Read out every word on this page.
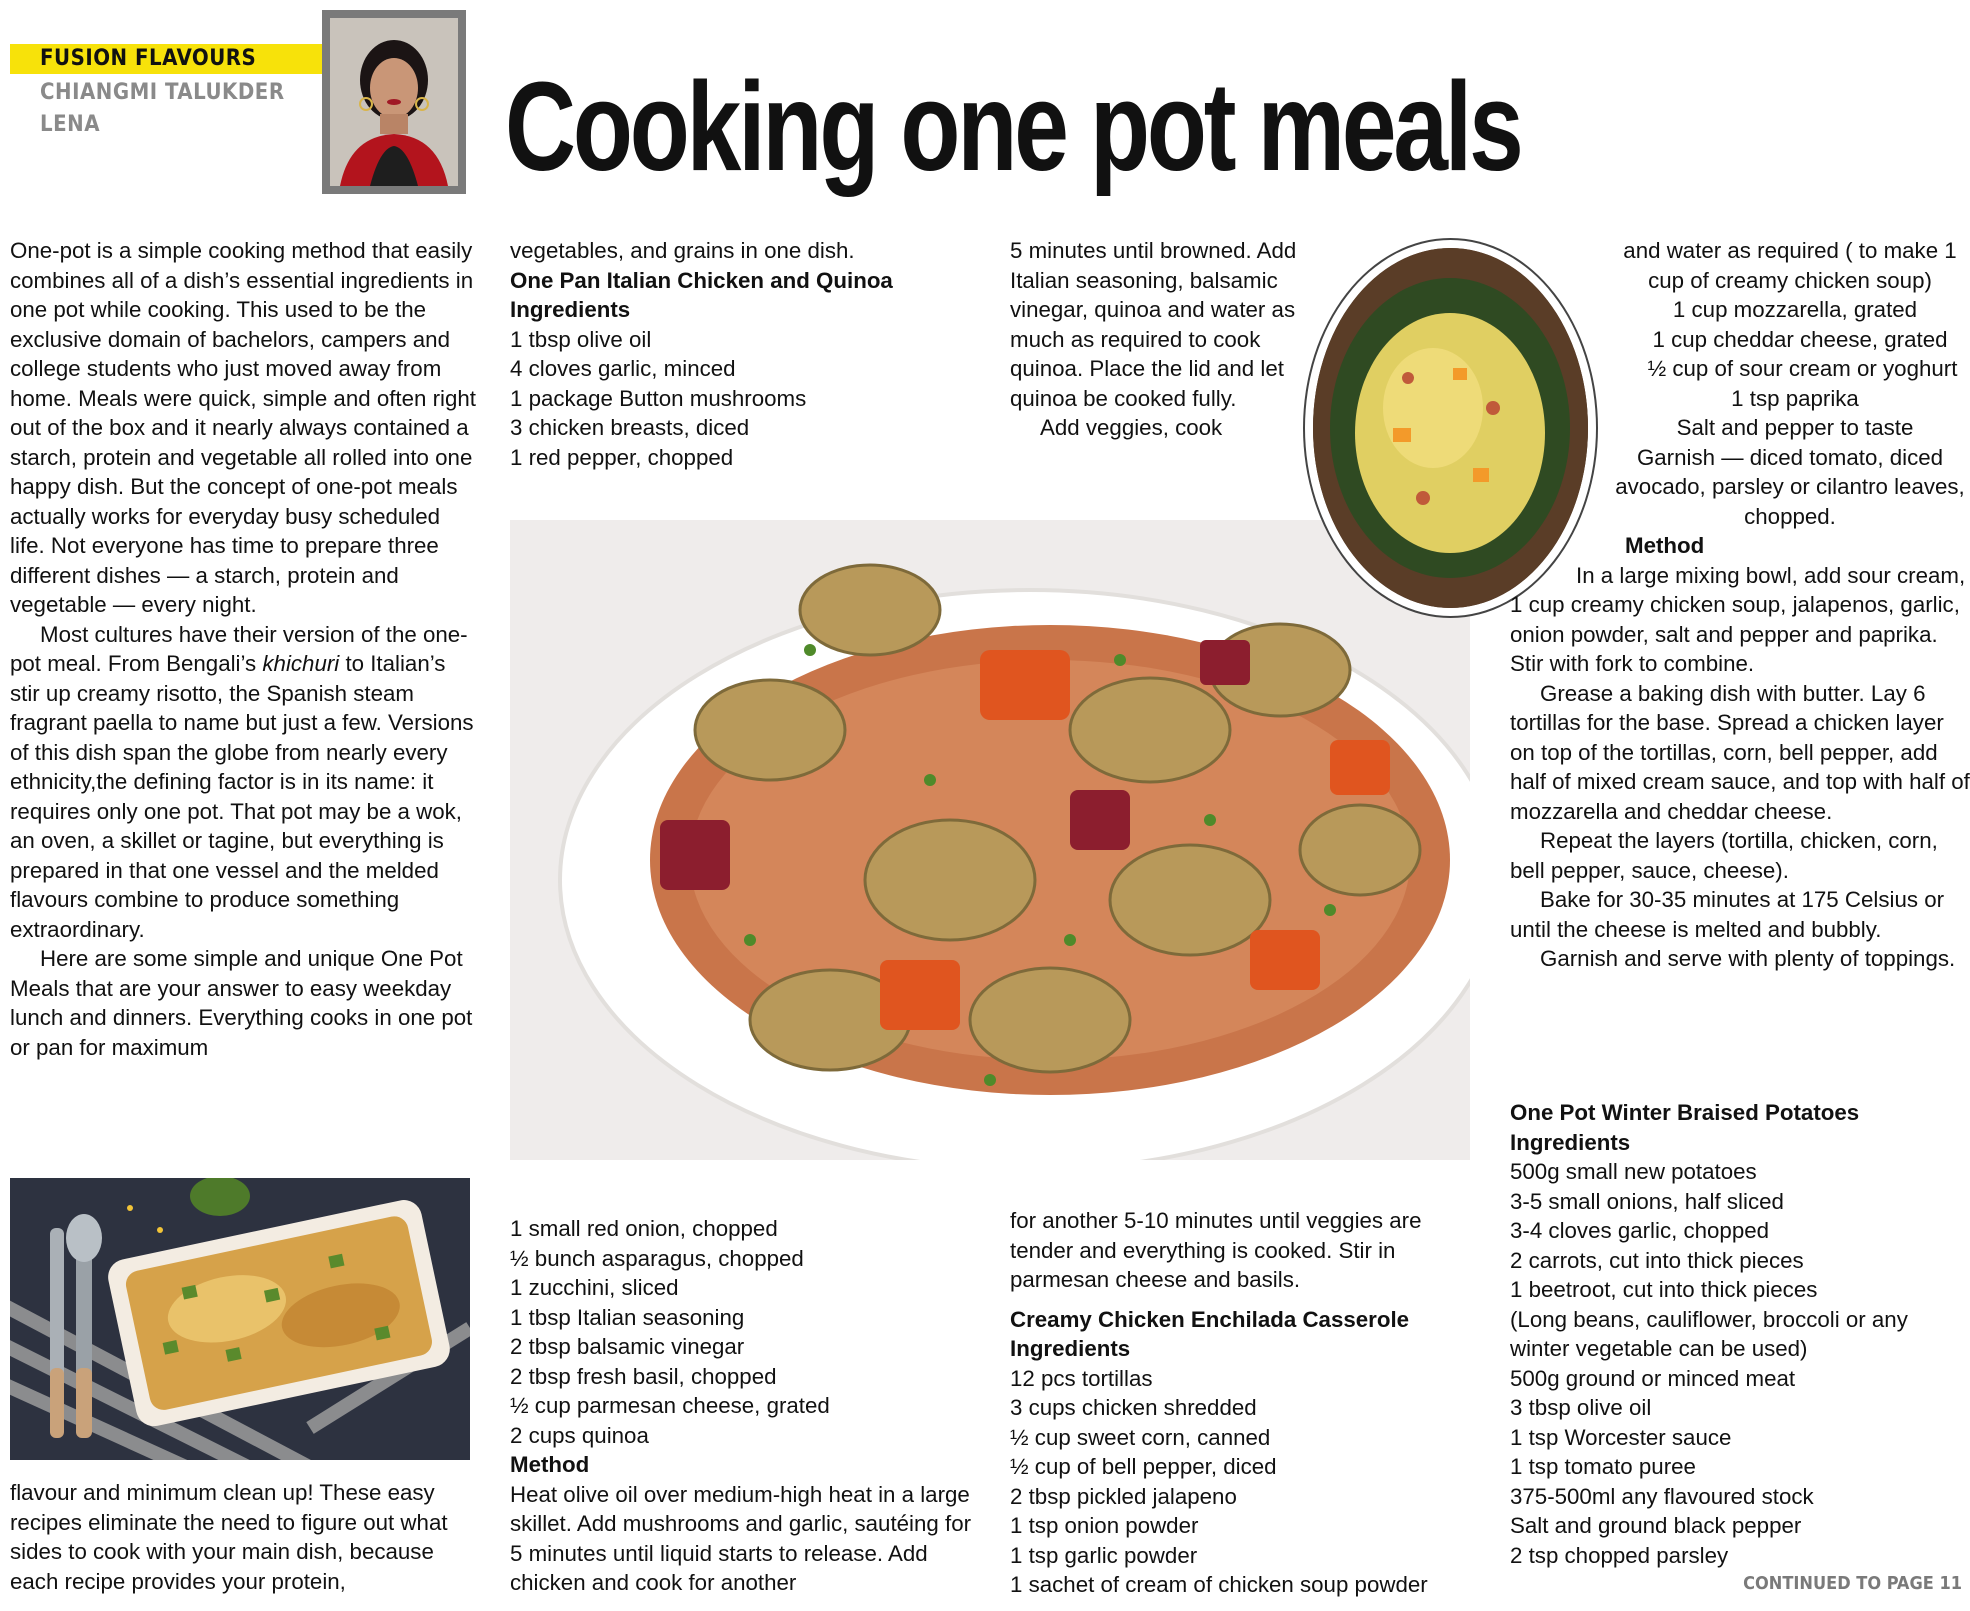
FUSION FLAVOURS
CHIANGMI TALUKDER
LENA	Cooking one pot meals

One-pot is a simple cooking method that easily combines all of a dish’s essential ingredients in one pot while cooking. This used to be the exclusive domain of bachelors, campers and college students who just moved away from home. Meals were quick, simple and often right out of the box and it nearly always contained a starch, protein and vegetable all rolled into one happy dish. But the concept of one-pot meals actually works for everyday busy scheduled life. Not everyone has time to prepare three different dishes — a starch, protein and vegetable — every night.

Most cultures have their version of the one-pot meal. From Bengali’s khichuri to Italian’s stir up creamy risotto, the Spanish steam fragrant paella to name but just a few. Versions of this dish span the globe from nearly every ethnicity,the defining factor is in its name: it requires only one pot. That pot may be a wok, an oven, a skillet or tagine, but everything is prepared in that one vessel and the melded flavours combine to produce something extraordinary.

Here are some simple and unique One Pot Meals that are your answer to easy weekday lunch and dinners. Everything cooks in one pot or pan for maximum

flavour and minimum clean up! These easy recipes eliminate the need to figure out what sides to cook with your main dish, because each recipe provides your protein,

vegetables, and grains in one dish.

One Pan Italian Chicken and Quinoa

Ingredients

1 tbsp olive oil

4 cloves garlic, minced

1 package Button mushrooms

3 chicken breasts, diced

1 red pepper, chopped

1 small red onion, chopped

½ bunch asparagus, chopped

1 zucchini, sliced

1 tbsp Italian seasoning

2 tbsp balsamic vinegar

2 tbsp fresh basil, chopped

½ cup parmesan cheese, grated

2 cups quinoa

Method

Heat olive oil over medium-high heat in a large skillet. Add mushrooms and garlic, sautéing for 5 minutes until liquid starts to release. Add chicken and cook for another

5 minutes until browned. Add Italian seasoning, balsamic vinegar, quinoa and water as much as required to cook quinoa. Place the lid and let quinoa be cooked fully.

Add veggies, cook

for another 5-10 minutes until veggies are tender and everything is cooked. Stir in parmesan cheese and basils.

Creamy Chicken Enchilada Casserole

Ingredients

12 pcs tortillas

3 cups chicken shredded

½ cup sweet corn, canned

½ cup of bell pepper, diced

2 tbsp pickled jalapeno

1 tsp onion powder

1 tsp garlic powder

1 sachet of cream of chicken soup powder

and water as required ( to make 1 cup of creamy chicken soup)

1 cup mozzarella, grated

1 cup cheddar cheese, grated

½ cup of sour cream or yoghurt

1 tsp paprika

Salt and pepper to taste

Garnish — diced tomato, diced avocado, parsley or cilantro leaves, chopped.

Method

In a large mixing bowl, add sour cream, 1 cup creamy chicken soup, jalapenos, garlic, onion powder, salt and pepper and paprika. Stir with fork to combine.

Grease a baking dish with butter. Lay 6 tortillas for the base. Spread a chicken layer on top of the tortillas, corn, bell pepper, add half of mixed cream sauce, and top with half of mozzarella and cheddar cheese.

Repeat the layers (tortilla, chicken, corn, bell pepper, sauce, cheese).

Bake for 30-35 minutes at 175 Celsius or until the cheese is melted and bubbly.

Garnish and serve with plenty of toppings.

One Pot Winter Braised Potatoes

Ingredients

500g small new potatoes

3-5 small onions, half sliced

3-4 cloves garlic, chopped

2 carrots, cut into thick pieces

1 beetroot, cut into thick pieces

(Long beans, cauliflower, broccoli or any winter vegetable can be used)

500g ground or minced meat

3 tbsp olive oil

1 tsp Worcester sauce

1 tsp tomato puree

375-500ml any flavoured stock

Salt and ground black pepper

2 tsp chopped parsley

CONTINUED TO PAGE 11
